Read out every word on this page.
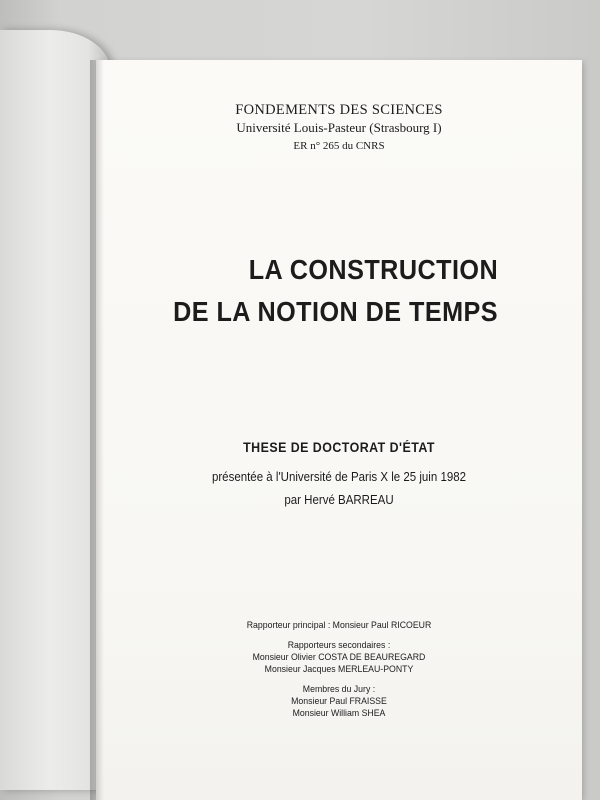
FONDEMENTS DES SCIENCES
Université Louis-Pasteur (Strasbourg I)
ER n° 265 du CNRS
LA CONSTRUCTION
DE LA NOTION DE TEMPS
THESE DE DOCTORAT D'ÉTAT
présentée à l'Université de Paris X le 25 juin 1982
par Hervé BARREAU
Rapporteur principal : Monsieur Paul RICOEUR
Rapporteurs secondaires :
Monsieur Olivier COSTA DE BEAUREGARD
Monsieur Jacques MERLEAU-PONTY
Membres du Jury :
Monsieur Paul FRAISSE
Monsieur William SHEA
